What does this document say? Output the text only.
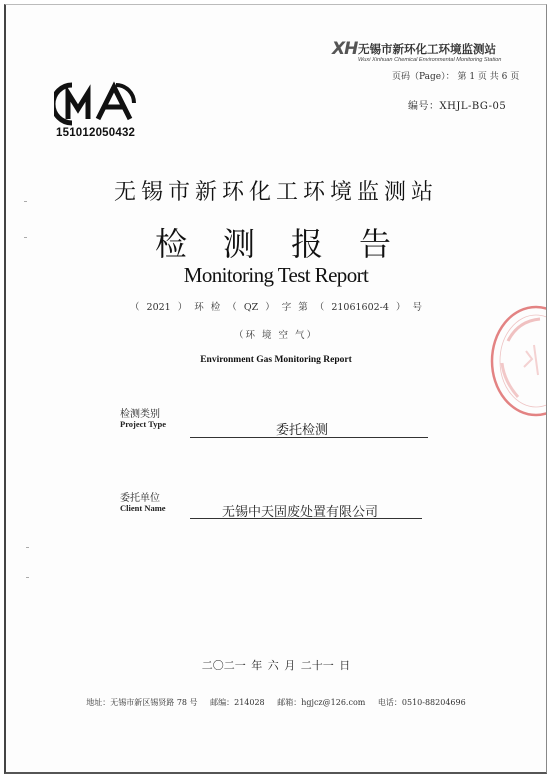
XH 无锡市新环化工环境监测站
Wuxi Xinhuan Chemical Environmental Monitoring Station
页码（Page）： 第 1 页 共 6 页
编号：XHJL-BG-05
151012050432
无锡市新环化工环境监测站
检测报告
Monitoring Test Report
（ 2021 ） 环 检 （ QZ ） 字 第 （ 21061602-4 ） 号
（环 境 空 气）
Environment Gas Monitoring Report
检测类别
Project Type	委托检测
委托单位
Client Name	无锡中天固废处置有限公司
二〇二一 年 六 月 二十一 日
地址：无锡市新区锡贤路 78 号 邮编：214028 邮箱：hgjcz@126.com 电话：0510-88204696
